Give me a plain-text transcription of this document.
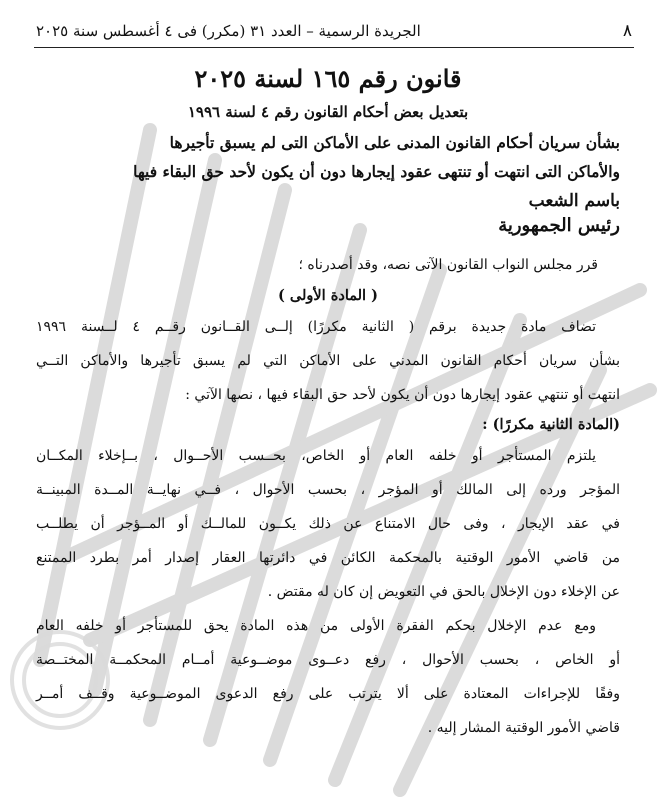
٨
الجريدة الرسمية – العدد ٣١ (مكرر) فى ٤ أغسطس سنة ٢٠٢٥
قانون رقم ١٦٥ لسنة ٢٠٢٥
بتعديل بعض أحكام القانون رقم ٤ لسنة ١٩٩٦
بشأن سريان أحكام القانون المدنى على الأماكن التى لم يسبق تأجيرها
والأماكن التى انتهت أو تنتهى عقود إيجارها دون أن يكون لأحد حق البقاء فيها
باسم الشعب
رئيس الجمهورية
قرر مجلس النواب القانون الآتى نصه، وقد أصدرناه ؛
( المادة الأولى )
تضاف مادة جديدة برقم ( الثانية مكررًا) إلــى القــانون رقــم ٤ لــسنة ١٩٩٦
بشأن سريان أحكام القانون المدني على الأماكن التي لم يسبق تأجيرها والأماكن التــي
انتهت أو تنتهي عقود إيجارها دون أن يكون لأحد حق البقاء فيها ، نصها الآتي :
(المادة الثانية مكررًا) :
يلتزم المستأجر أو خلفه العام أو الخاص، بحــسب الأحــوال ، بــإخلاء المكــان
المؤجر ورده إلى المالك أو المؤجر ، بحسب الأحوال ، فــي نهايــة المــدة المبينــة
في عقد الإيجار ، وفى حال الامتناع عن ذلك يكــون للمالــك أو المــؤجر أن يطلــب
من قاضي الأمور الوقتية بالمحكمة الكائن في دائرتها العقار إصدار أمر بطرد الممتنع
عن الإخلاء دون الإخلال بالحق في التعويض إن كان له مقتض .
ومع عدم الإخلال بحكم الفقرة الأولى من هذه المادة يحق للمستأجر أو خلفه العام
أو الخاص ، بحسب الأحوال ، رفع دعــوى موضــوعية أمــام المحكمــة المختــصة
وفقًا للإجراءات المعتادة على ألا يترتب على رفع الدعوى الموضــوعية وقــف أمــر
قاضي الأمور الوقتية المشار إليه .
